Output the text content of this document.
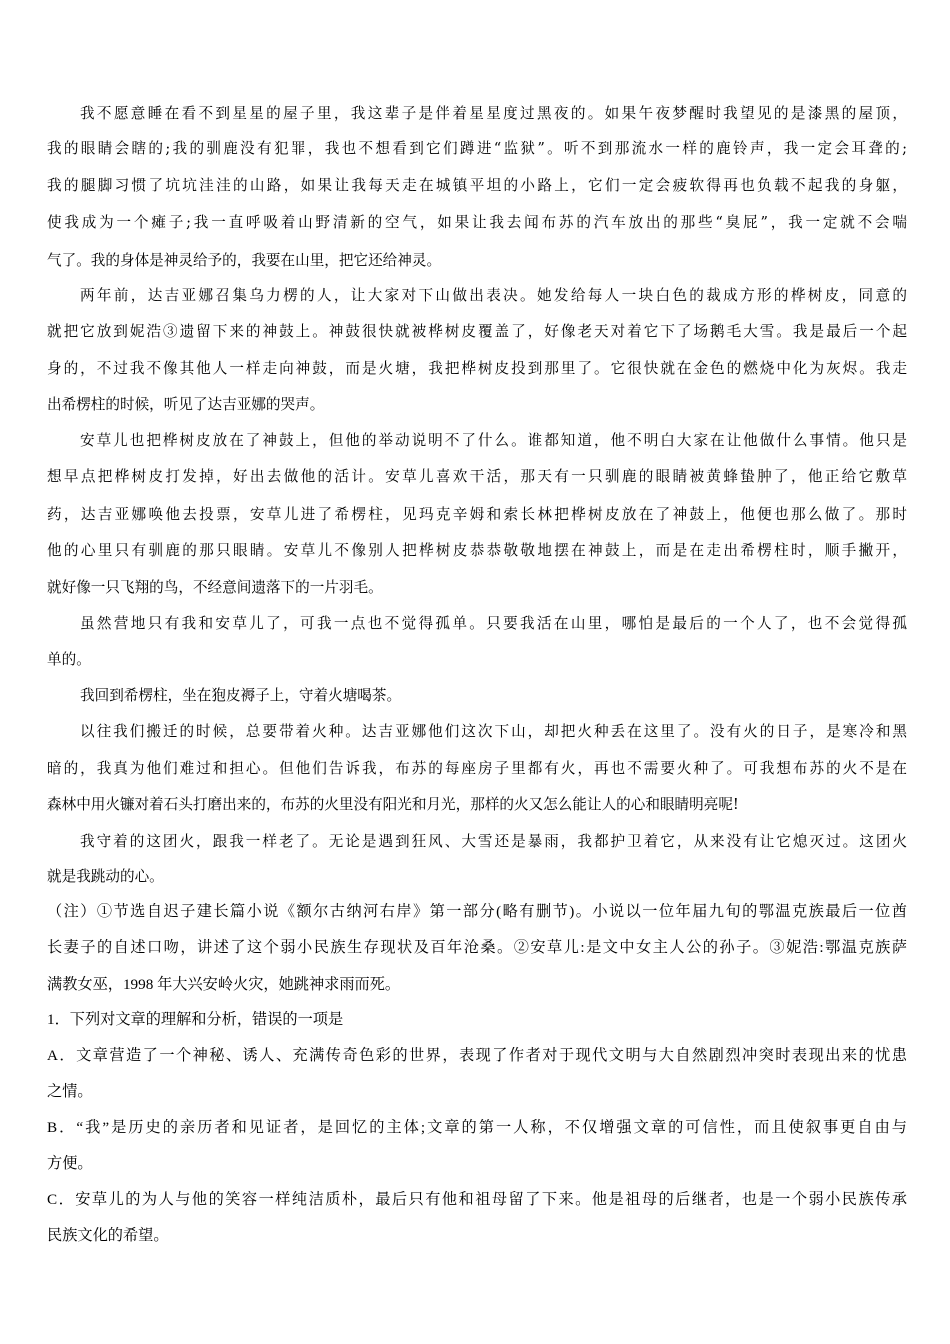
我不愿意睡在看不到星星的屋子里，我这辈子是伴着星星度过黑夜的。如果午夜梦醒时我望见的是漆黑的屋顶，
我的眼睛会瞎的;我的驯鹿没有犯罪，我也不想看到它们蹲进“监狱”。听不到那流水一样的鹿铃声，我一定会耳聋的;
我的腿脚习惯了坑坑洼洼的山路，如果让我每天走在城镇平坦的小路上，它们一定会疲软得再也负载不起我的身躯，
使我成为一个瘫子;我一直呼吸着山野清新的空气，如果让我去闻布苏的汽车放出的那些“臭屁”，我一定就不会喘
气了。我的身体是神灵给予的，我要在山里，把它还给神灵。
两年前，达吉亚娜召集乌力楞的人，让大家对下山做出表决。她发给每人一块白色的裁成方形的桦树皮，同意的
就把它放到妮浩③遗留下来的神鼓上。神鼓很快就被桦树皮覆盖了，好像老天对着它下了场鹅毛大雪。我是最后一个起
身的，不过我不像其他人一样走向神鼓，而是火塘，我把桦树皮投到那里了。它很快就在金色的燃烧中化为灰烬。我走
出希楞柱的时候，听见了达吉亚娜的哭声。
安草儿也把桦树皮放在了神鼓上，但他的举动说明不了什么。谁都知道，他不明白大家在让他做什么事情。他只是
想早点把桦树皮打发掉，好出去做他的活计。安草儿喜欢干活，那天有一只驯鹿的眼睛被黄蜂蛰肿了，他正给它敷草
药，达吉亚娜唤他去投票，安草儿进了希楞柱，见玛克辛姆和索长林把桦树皮放在了神鼓上，他便也那么做了。那时
他的心里只有驯鹿的那只眼睛。安草儿不像别人把桦树皮恭恭敬敬地摆在神鼓上，而是在走出希楞柱时，顺手撇开，
就好像一只飞翔的鸟，不经意间遗落下的一片羽毛。
虽然营地只有我和安草儿了，可我一点也不觉得孤单。只要我活在山里，哪怕是最后的一个人了，也不会觉得孤
单的。
我回到希楞柱，坐在狍皮褥子上，守着火塘喝茶。
以往我们搬迁的时候，总要带着火种。达吉亚娜他们这次下山，却把火种丢在这里了。没有火的日子，是寒冷和黑
暗的，我真为他们难过和担心。但他们告诉我，布苏的每座房子里都有火，再也不需要火种了。可我想布苏的火不是在
森林中用火镰对着石头打磨出来的，布苏的火里没有阳光和月光，那样的火又怎么能让人的心和眼睛明亮呢!
我守着的这团火，跟我一样老了。无论是遇到狂风、大雪还是暴雨，我都护卫着它，从来没有让它熄灭过。这团火
就是我跳动的心。
（注）①节选自迟子建长篇小说《额尔古纳河右岸》第一部分(略有删节)。小说以一位年届九旬的鄂温克族最后一位酋
长妻子的自述口吻，讲述了这个弱小民族生存现状及百年沧桑。②安草儿:是文中女主人公的孙子。③妮浩:鄂温克族萨
满教女巫，1998 年大兴安岭火灾，她跳神求雨而死。
1．下列对文章的理解和分析，错误的一项是
A．文章营造了一个神秘、诱人、充满传奇色彩的世界，表现了作者对于现代文明与大自然剧烈冲突时表现出来的忧患
之情。
B．“我”是历史的亲历者和见证者，是回忆的主体;文章的第一人称，不仅增强文章的可信性，而且使叙事更自由与
方便。
C．安草儿的为人与他的笑容一样纯洁质朴，最后只有他和祖母留了下来。他是祖母的后继者，也是一个弱小民族传承
民族文化的希望。
